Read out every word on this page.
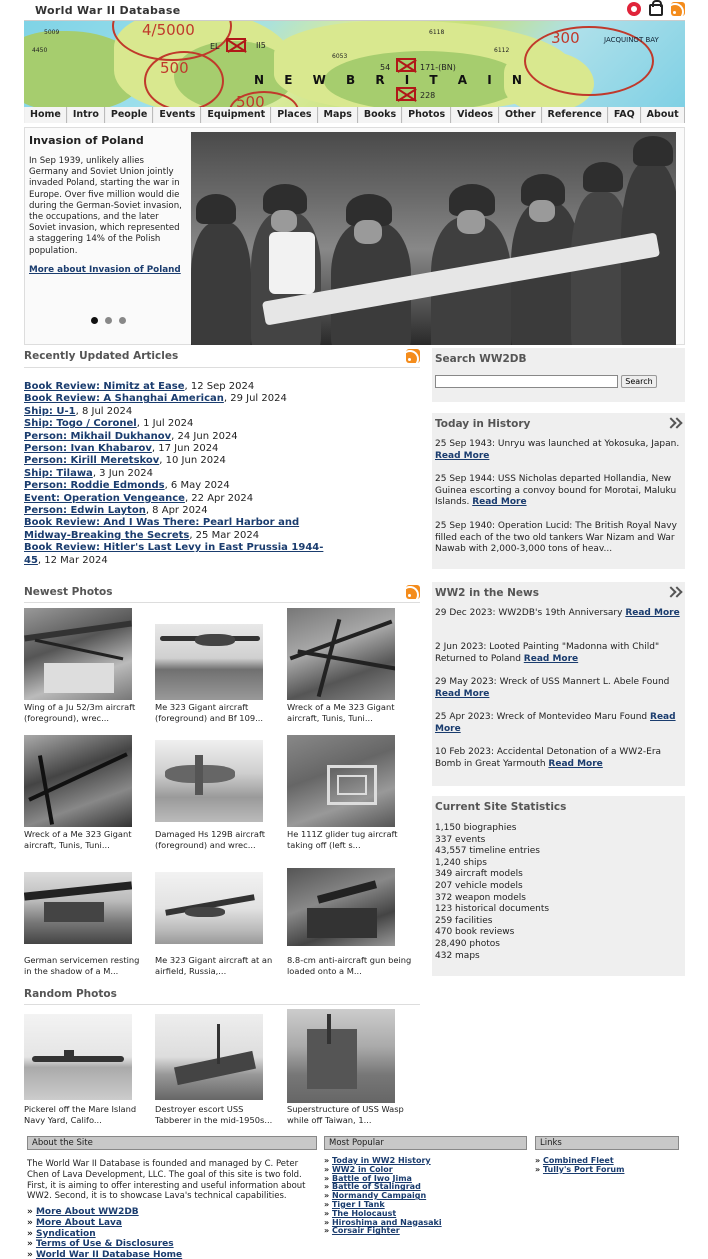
World War II Database
4/5000
500
300
500
N E W B R I T A I N
JACQUINOT BAY
EL	II5
54	171-(BN)
228
6053
6118
6112
4450
5009
Home	Intro	People	Events	Equipment	Places	Maps	Books	Photos	Videos	Other	Reference	FAQ	About
Invasion of Poland
In Sep 1939, unlikely allies Germany and Soviet Union jointly invaded Poland, starting the war in Europe. Over five million would die during the German-Soviet invasion, the occupations, and the later Soviet invasion, which represented a staggering 14% of the Polish population.
More about Invasion of Poland
Recently Updated Articles
Book Review: Nimitz at Ease, 12 Sep 2024
Book Review: A Shanghai American, 29 Jul 2024
Ship: U-1, 8 Jul 2024
Ship: Togo / Coronel, 1 Jul 2024
Person: Mikhail Dukhanov, 24 Jun 2024
Person: Ivan Khabarov, 17 Jun 2024
Person: Kirill Meretskov, 10 Jun 2024
Ship: Tilawa, 3 Jun 2024
Person: Roddie Edmonds, 6 May 2024
Event: Operation Vengeance, 22 Apr 2024
Person: Edwin Layton, 8 Apr 2024
Book Review: And I Was There: Pearl Harbor and Midway-Breaking the Secrets, 25 Mar 2024
Book Review: Hitler's Last Levy in East Prussia 1944-45, 12 Mar 2024
Newest Photos
Wing of a Ju 52/3m aircraft (foreground), wrec...
Me 323 Gigant aircraft (foreground) and Bf 109...
Wreck of a Me 323 Gigant aircraft, Tunis, Tuni...
Wreck of a Me 323 Gigant aircraft, Tunis, Tuni...
Damaged Hs 129B aircraft (foreground) and wrec...
He 111Z glider tug aircraft taking off (left s...
German servicemen resting in the shadow of a M...
Me 323 Gigant aircraft at an airfield, Russia,...
8.8-cm anti-aircraft gun being loaded onto a M...
Random Photos
Pickerel off the Mare Island Navy Yard, Califo...
Destroyer escort USS Tabberer in the mid-1950s...
Superstructure of USS Wasp while off Taiwan, 1...
Search WW2DB
Search
Today in History
25 Sep 1943: Unryu was launched at Yokosuka, Japan. Read More
25 Sep 1944: USS Nicholas departed Hollandia, New Guinea escorting a convoy bound for Morotai, Maluku Islands. Read More
25 Sep 1940: Operation Lucid: The British Royal Navy filled each of the two old tankers War Nizam and War Nawab with 2,000-3,000 tons of heav...
WW2 in the News
29 Dec 2023: WW2DB's 19th Anniversary Read More
2 Jun 2023: Looted Painting "Madonna with Child" Returned to Poland Read More
29 May 2023: Wreck of USS Mannert L. Abele Found Read More
25 Apr 2023: Wreck of Montevideo Maru Found Read More
10 Feb 2023: Accidental Detonation of a WW2-Era Bomb in Great Yarmouth Read More
Current Site Statistics
1,150 biographies
337 events
43,557 timeline entries
1,240 ships
349 aircraft models
207 vehicle models
372 weapon models
123 historical documents
259 facilities
470 book reviews
28,490 photos
432 maps
About the Site
The World War II Database is founded and managed by C. Peter Chen of Lava Development, LLC. The goal of this site is two fold. First, it is aiming to offer interesting and useful information about WW2. Second, it is to showcase Lava's technical capabilities.
» More About WW2DB
» More About Lava
» Syndication
» Terms of Use & Disclosures
» World War II Database Home
Most Popular
» Today in WW2 History
» WW2 in Color
» Battle of Iwo Jima
» Battle of Stalingrad
» Normandy Campaign
» Tiger I Tank
» The Holocaust
» Hiroshima and Nagasaki
» Corsair Fighter
Links
» Combined Fleet
» Tully's Port Forum
